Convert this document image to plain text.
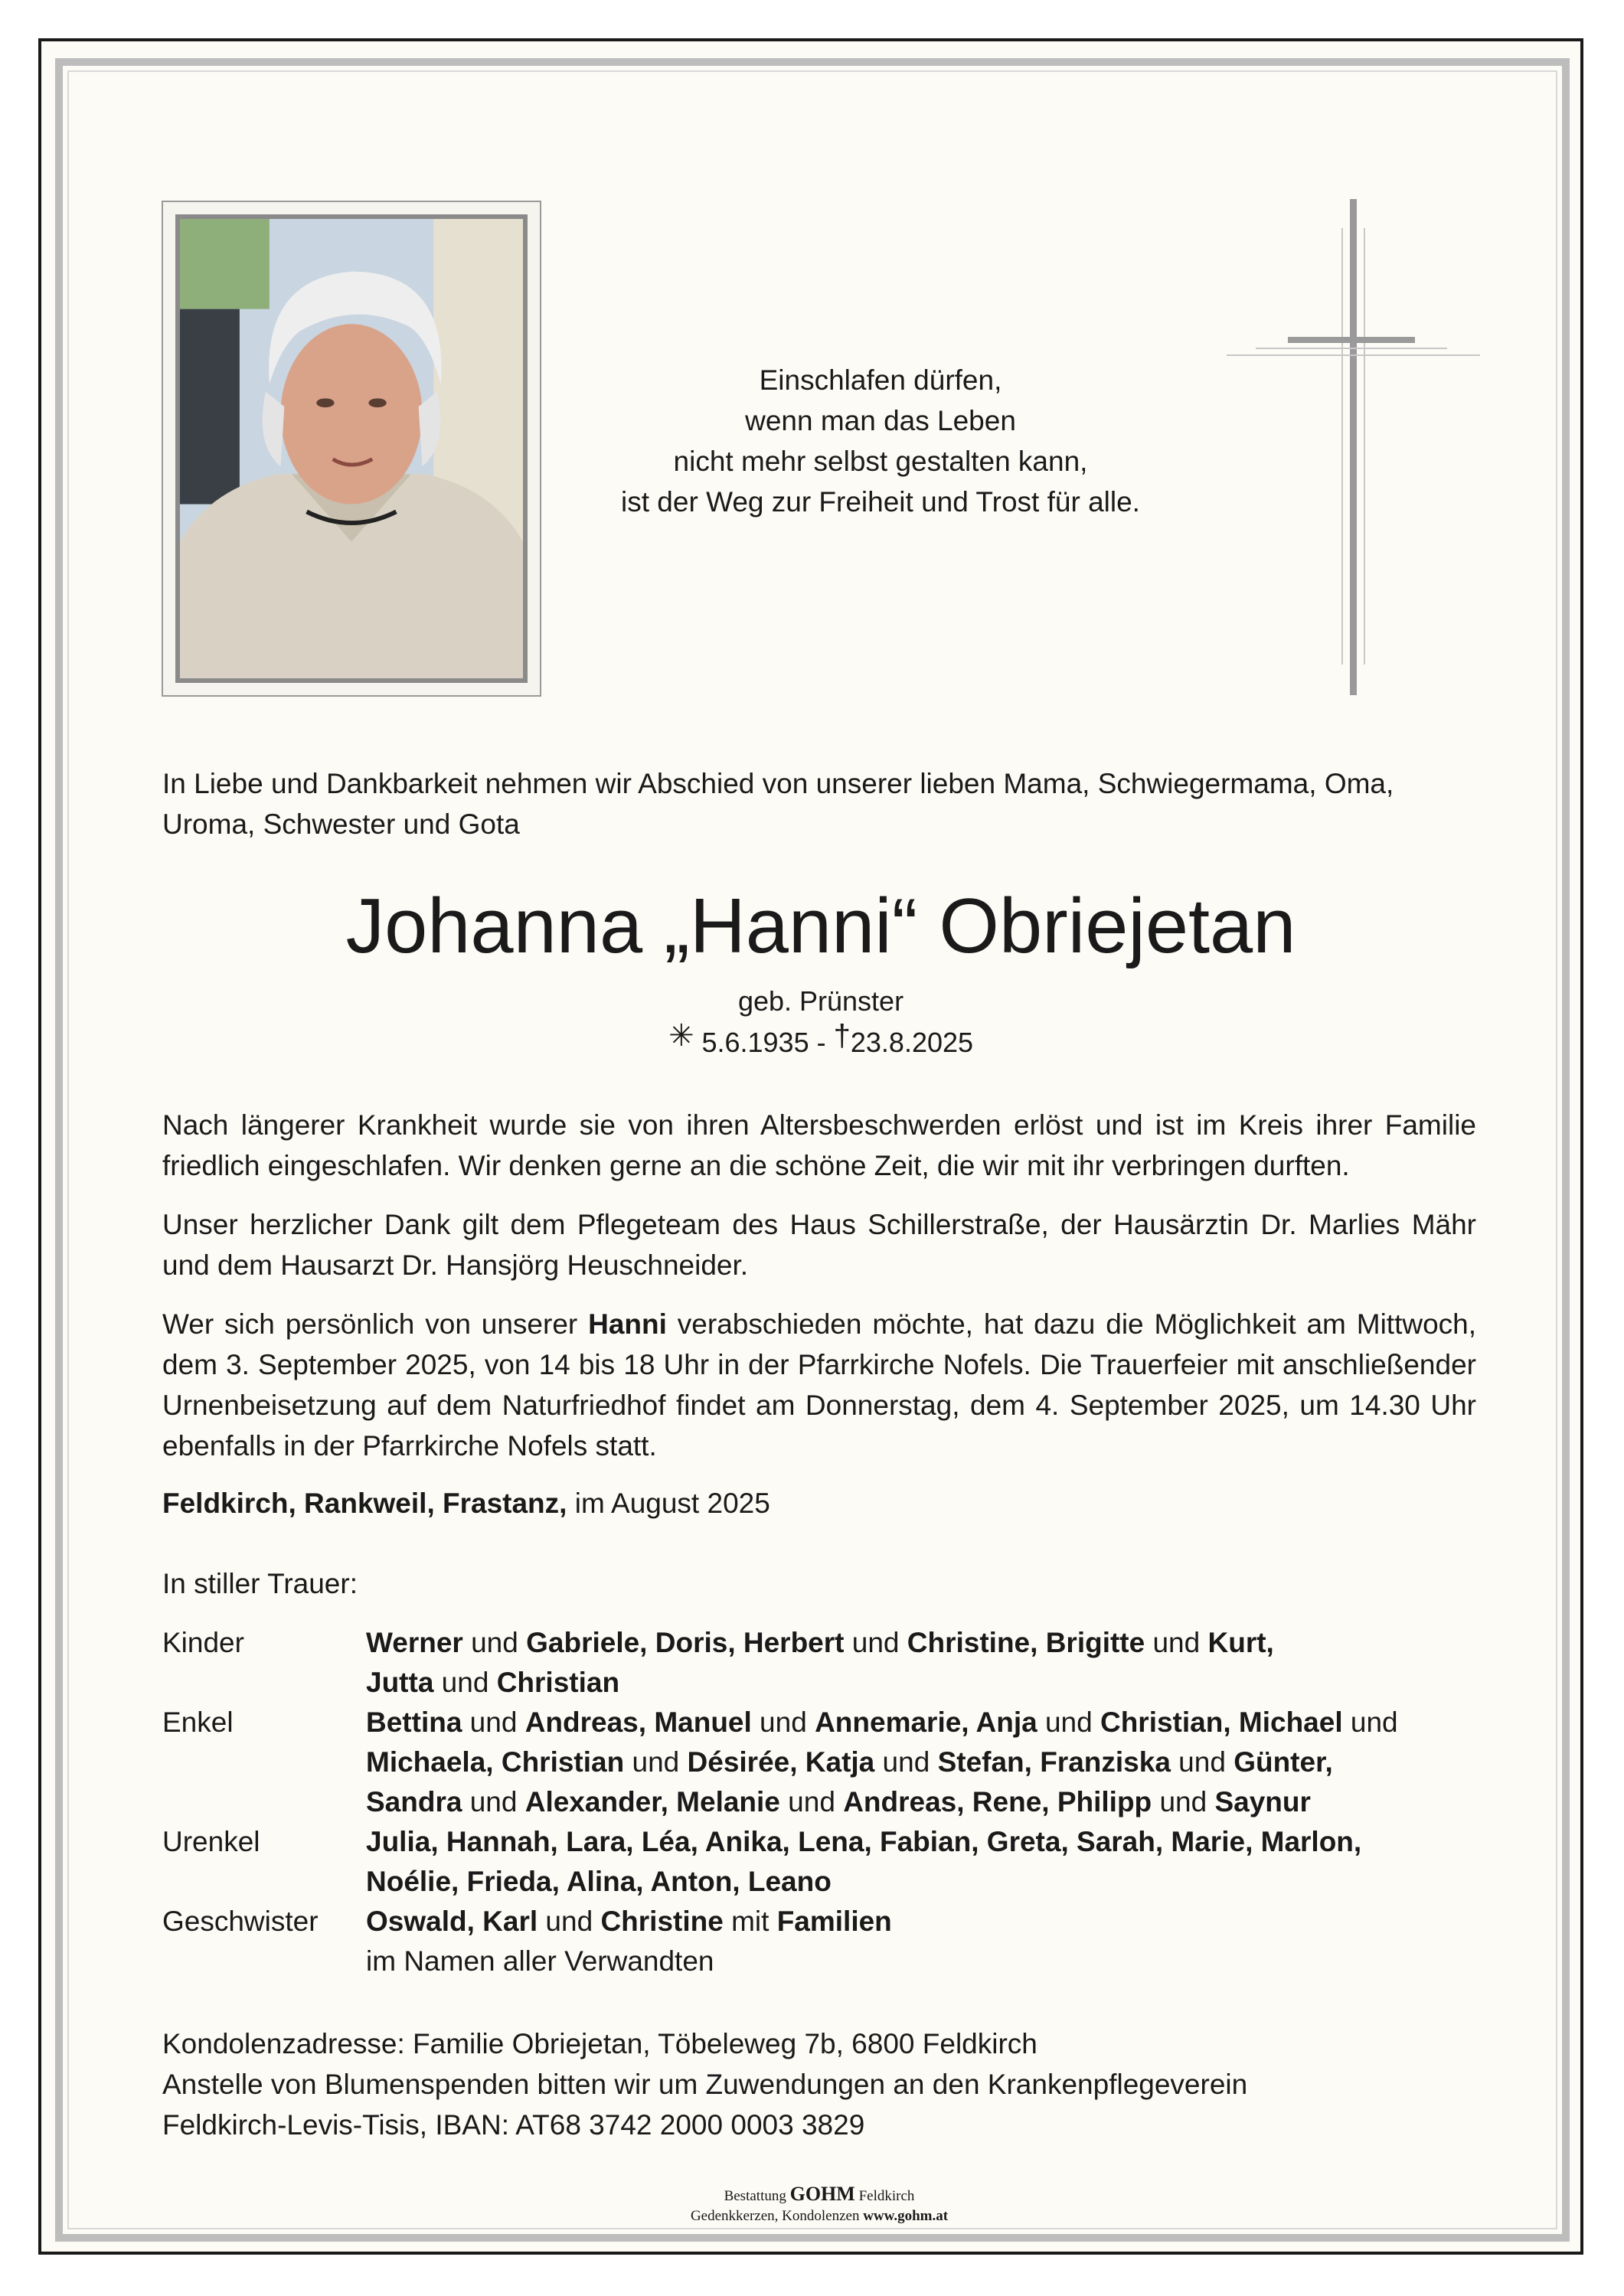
Einschlafen dürfen,
wenn man das Leben
nicht mehr selbst gestalten kann,
ist der Weg zur Freiheit und Trost für alle.
In Liebe und Dankbarkeit nehmen wir Abschied von unserer lieben Mama, Schwiegermama, Oma, Uroma, Schwester und Gota
Johanna „Hanni“ Obriejetan
geb. Prünster
✳ 5.6.1935 - †23.8.2025
Nach längerer Krankheit wurde sie von ihren Altersbeschwerden erlöst und ist im Kreis ihrer Familie friedlich eingeschlafen. Wir denken gerne an die schöne Zeit, die wir mit ihr verbringen durften.
Unser herzlicher Dank gilt dem Pflegeteam des Haus Schillerstraße, der Hausärztin Dr. Marlies Mähr und dem Hausarzt Dr. Hansjörg Heuschneider.
Wer sich persönlich von unserer Hanni verabschieden möchte, hat dazu die Möglichkeit am Mittwoch, dem 3. September 2025, von 14 bis 18 Uhr in der Pfarrkirche Nofels. Die Trauerfeier mit anschließender Urnenbeisetzung auf dem Naturfriedhof findet am Donnerstag, dem 4. September 2025, um 14.30 Uhr ebenfalls in der Pfarrkirche Nofels statt.
Feldkirch, Rankweil, Frastanz, im August 2025
In stiller Trauer:
Kinder	Werner und Gabriele, Doris, Herbert und Christine, Brigitte und Kurt,
Jutta und Christian
Enkel	Bettina und Andreas, Manuel und Annemarie, Anja und Christian, Michael und
Michaela, Christian und Désirée, Katja und Stefan, Franziska und Günter,
Sandra und Alexander, Melanie und Andreas, Rene, Philipp und Saynur
Urenkel	Julia, Hannah, Lara, Léa, Anika, Lena, Fabian, Greta, Sarah, Marie, Marlon,
Noélie, Frieda, Alina, Anton, Leano
Geschwister	Oswald, Karl und Christine mit Familien
im Namen aller Verwandten
Kondolenzadresse: Familie Obriejetan, Töbeleweg 7b, 6800 Feldkirch
Anstelle von Blumenspenden bitten wir um Zuwendungen an den Krankenpflegeverein
Feldkirch-Levis-Tisis, IBAN: AT68 3742 2000 0003 3829
Bestattung GOHM Feldkirch
Gedenkkerzen, Kondolenzen www.gohm.at
